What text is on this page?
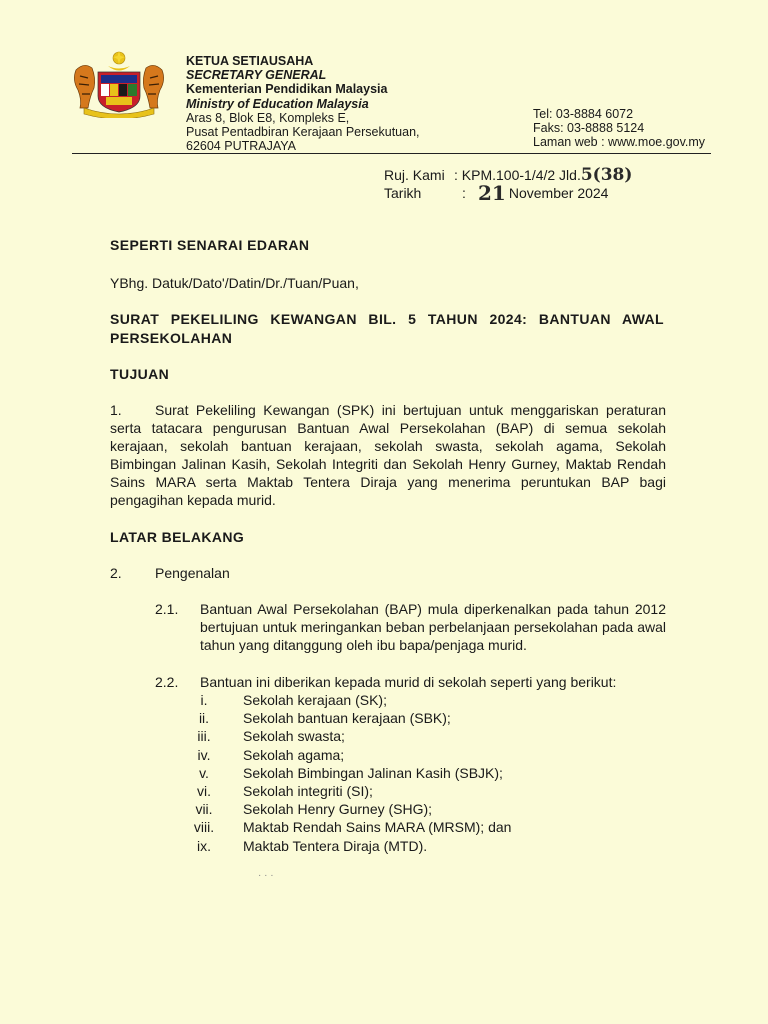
KETUA SETIAUSAHA
SECRETARY GENERAL
Kementerian Pendidikan Malaysia
Ministry of Education Malaysia
Aras 8, Blok E8, Kompleks E,
Pusat Pentadbiran Kerajaan Persekutuan,
62604 PUTRAJAYA
Tel: 03-8884 6072
Faks: 03-8888 5124
Laman web : www.moe.gov.my
Ruj. Kami : KPM.100-1/4/2 Jld. 5(38)
Tarikh	: 21 November 2024
SEPERTI SENARAI EDARAN
YBhg. Datuk/Dato'/Datin/Dr./Tuan/Puan,
SURAT PEKELILING KEWANGAN BIL. 5 TAHUN 2024: BANTUAN AWAL PERSEKOLAHAN
TUJUAN
1. Surat Pekeliling Kewangan (SPK) ini bertujuan untuk menggariskan peraturan serta tatacara pengurusan Bantuan Awal Persekolahan (BAP) di semua sekolah kerajaan, sekolah bantuan kerajaan, sekolah swasta, sekolah agama, Sekolah Bimbingan Jalinan Kasih, Sekolah Integriti dan Sekolah Henry Gurney, Maktab Rendah Sains MARA serta Maktab Tentera Diraja yang menerima peruntukan BAP bagi pengagihan kepada murid.
LATAR BELAKANG
2. Pengenalan
2.1. Bantuan Awal Persekolahan (BAP) mula diperkenalkan pada tahun 2012 bertujuan untuk meringankan beban perbelanjaan persekolahan pada awal tahun yang ditanggung oleh ibu bapa/penjaga murid.
2.2. Bantuan ini diberikan kepada murid di sekolah seperti yang berikut:
i.	Sekolah kerajaan (SK);
ii.	Sekolah bantuan kerajaan (SBK);
iii.	Sekolah swasta;
iv.	Sekolah agama;
v.	Sekolah Bimbingan Jalinan Kasih (SBJK);
vi.	Sekolah integriti (SI);
vii.	Sekolah Henry Gurney (SHG);
viii.	Maktab Rendah Sains MARA (MRSM); dan
ix.	Maktab Tentera Diraja (MTD).
· · ·
